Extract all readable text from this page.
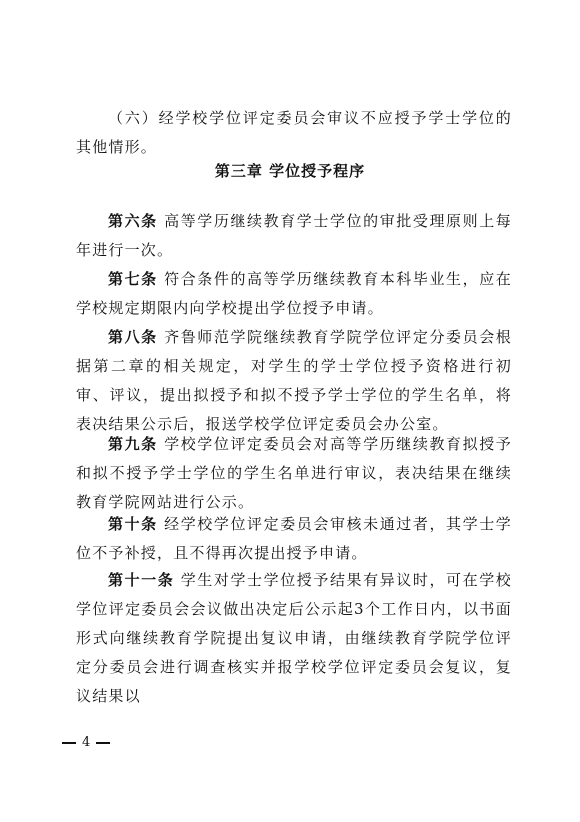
（六）经学校学位评定委员会审议不应授予学士学位的其他情形。

第三章 学位授予程序

第六条 高等学历继续教育学士学位的审批受理原则上每年进行一次。

第七条 符合条件的高等学历继续教育本科毕业生，应在学校规定期限内向学校提出学位授予申请。

第八条 齐鲁师范学院继续教育学院学位评定分委员会根据第二章的相关规定，对学生的学士学位授予资格进行初审、评议，提出拟授予和拟不授予学士学位的学生名单，将表决结果公示后，报送学校学位评定委员会办公室。

第九条 学校学位评定委员会对高等学历继续教育拟授予和拟不授予学士学位的学生名单进行审议，表决结果在继续教育学院网站进行公示。

第十条 经学校学位评定委员会审核未通过者，其学士学位不予补授，且不得再次提出授予申请。

第十一条 学生对学士学位授予结果有异议时，可在学校学位评定委员会会议做出决定后公示起3个工作日内，以书面形式向继续教育学院提出复议申请，由继续教育学院学位评定分委员会进行调查核实并报学校学位评定委员会复议，复议结果以

4
